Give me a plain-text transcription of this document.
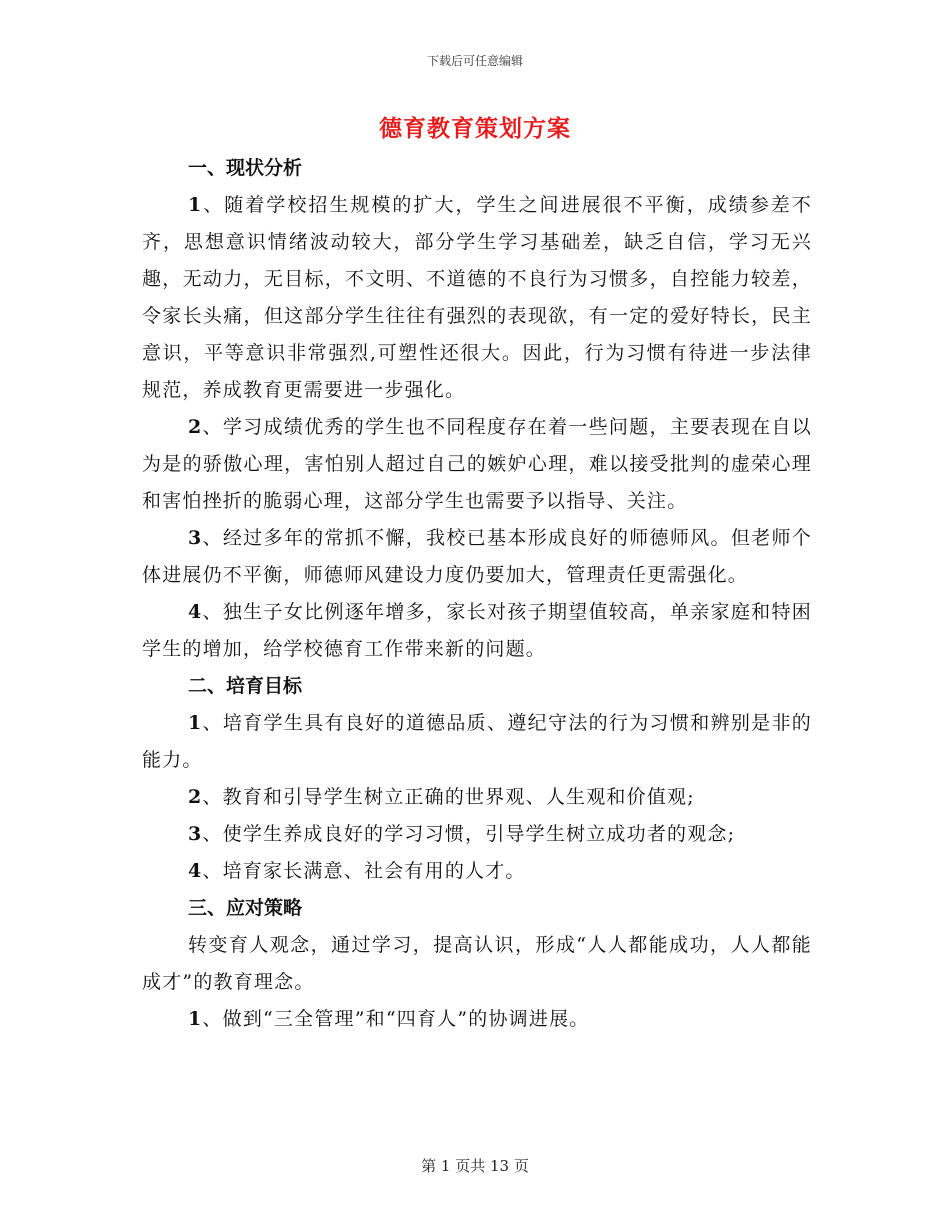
下载后可任意编辑
德育教育策划方案

一、现状分析

1、随着学校招生规模的扩大，学生之间进展很不平衡，成绩参差不齐，思想意识情绪波动较大，部分学生学习基础差，缺乏自信，学习无兴趣，无动力，无目标，不文明、不道德的不良行为习惯多，自控能力较差，令家长头痛，但这部分学生往往有强烈的表现欲，有一定的爱好特长，民主意识，平等意识非常强烈,可塑性还很大。因此，行为习惯有待进一步法律规范，养成教育更需要进一步强化。

2、学习成绩优秀的学生也不同程度存在着一些问题，主要表现在自以为是的骄傲心理，害怕别人超过自己的嫉妒心理，难以接受批判的虚荣心理和害怕挫折的脆弱心理，这部分学生也需要予以指导、关注。

3、经过多年的常抓不懈，我校已基本形成良好的师德师风。但老师个体进展仍不平衡，师德师风建设力度仍要加大，管理责任更需强化。

4、独生子女比例逐年增多，家长对孩子期望值较高，单亲家庭和特困学生的增加，给学校德育工作带来新的问题。

二、培育目标

1、培育学生具有良好的道德品质、遵纪守法的行为习惯和辨别是非的能力。

2、教育和引导学生树立正确的世界观、人生观和价值观;

3、使学生养成良好的学习习惯，引导学生树立成功者的观念;

4、培育家长满意、社会有用的人才。

三、应对策略

转变育人观念，通过学习，提高认识，形成“人人都能成功，人人都能成才”的教育理念。

1、做到“三全管理”和“四育人”的协调进展。

第 1 页共 13 页
